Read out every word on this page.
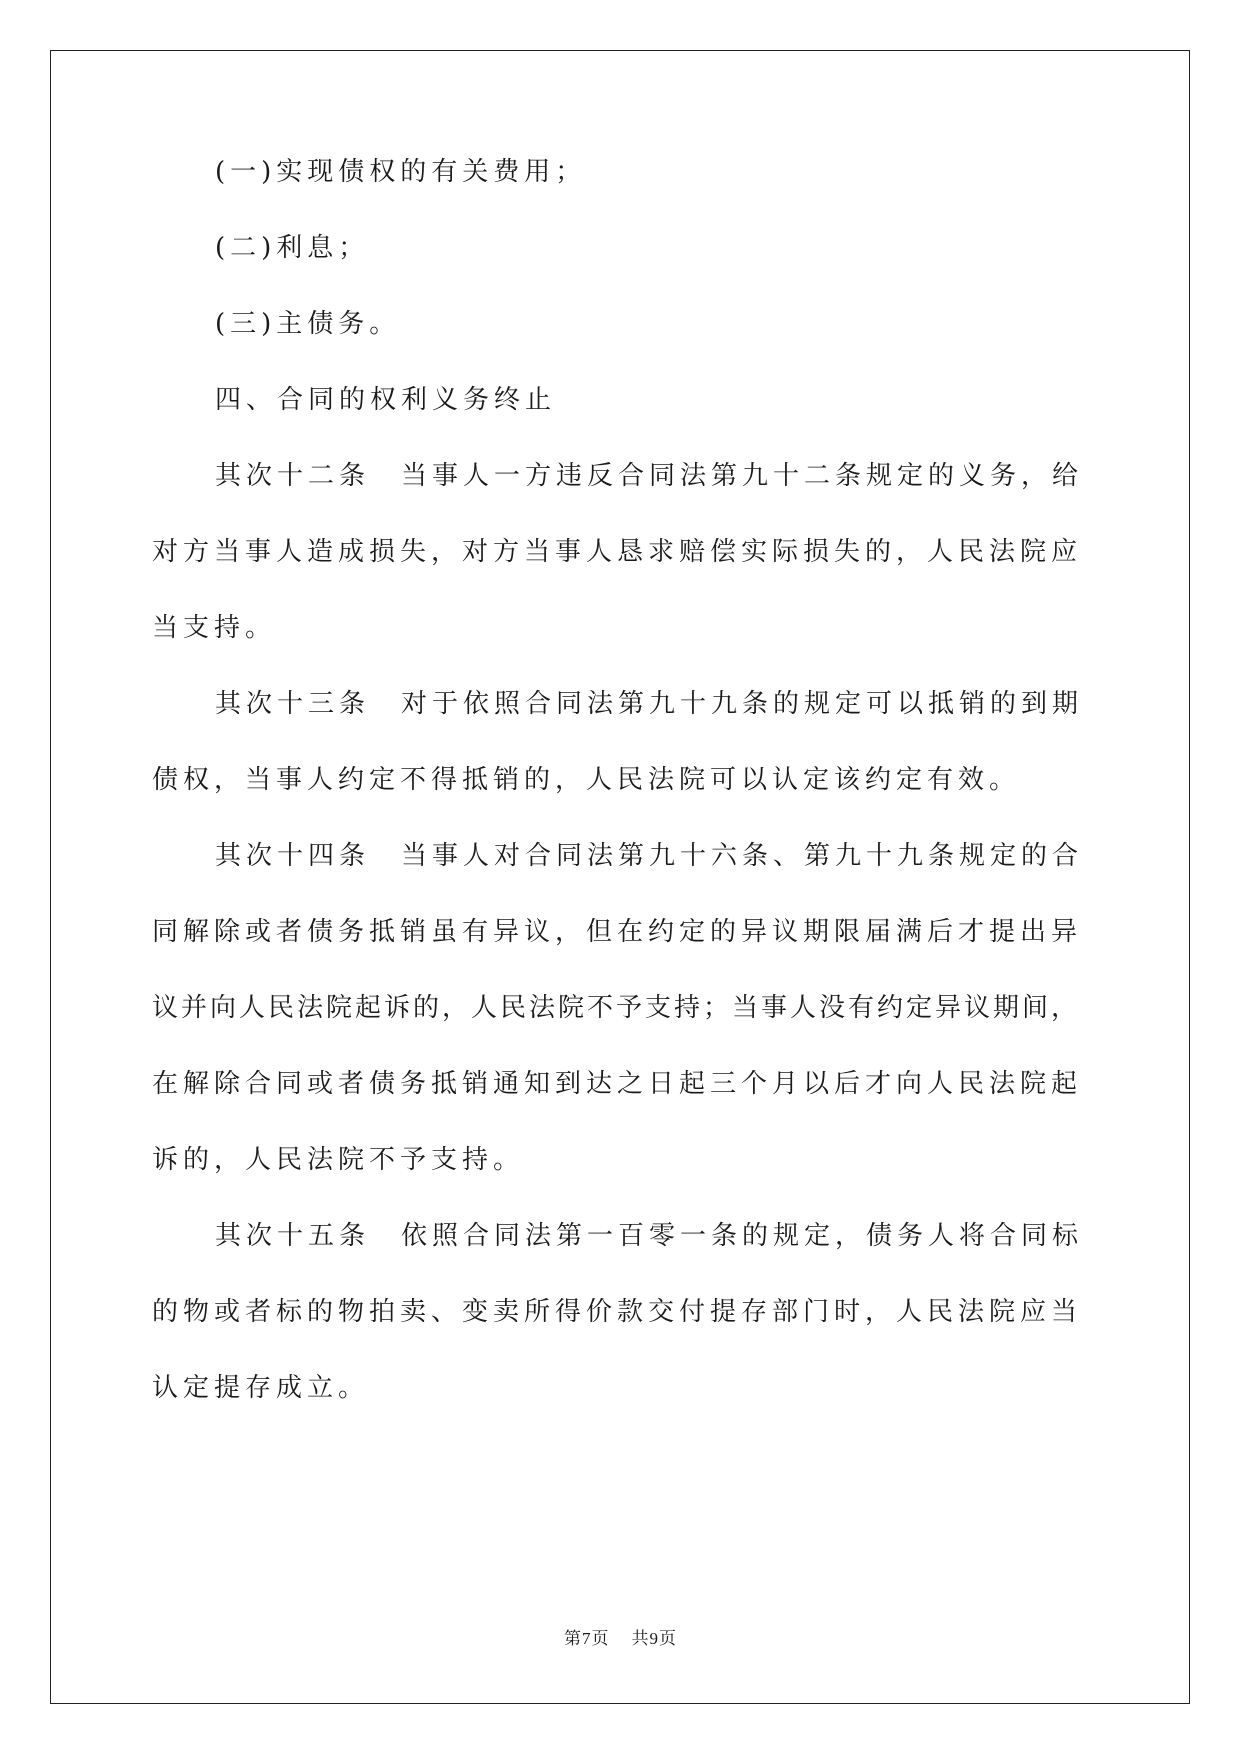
(一)实现债权的有关费用；
(二)利息；
(三)主债务。
四、合同的权利义务终止
其次十二条　当事人一方违反合同法第九十二条规定的义务，给
对方当事人造成损失，对方当事人恳求赔偿实际损失的，人民法院应
当支持。
其次十三条　对于依照合同法第九十九条的规定可以抵销的到期
债权，当事人约定不得抵销的，人民法院可以认定该约定有效。
其次十四条　当事人对合同法第九十六条、第九十九条规定的合
同解除或者债务抵销虽有异议，但在约定的异议期限届满后才提出异
议并向人民法院起诉的，人民法院不予支持；当事人没有约定异议期间，
在解除合同或者债务抵销通知到达之日起三个月以后才向人民法院起
诉的，人民法院不予支持。
其次十五条　依照合同法第一百零一条的规定，债务人将合同标
的物或者标的物拍卖、变卖所得价款交付提存部门时，人民法院应当
认定提存成立。
第7页 共9页
